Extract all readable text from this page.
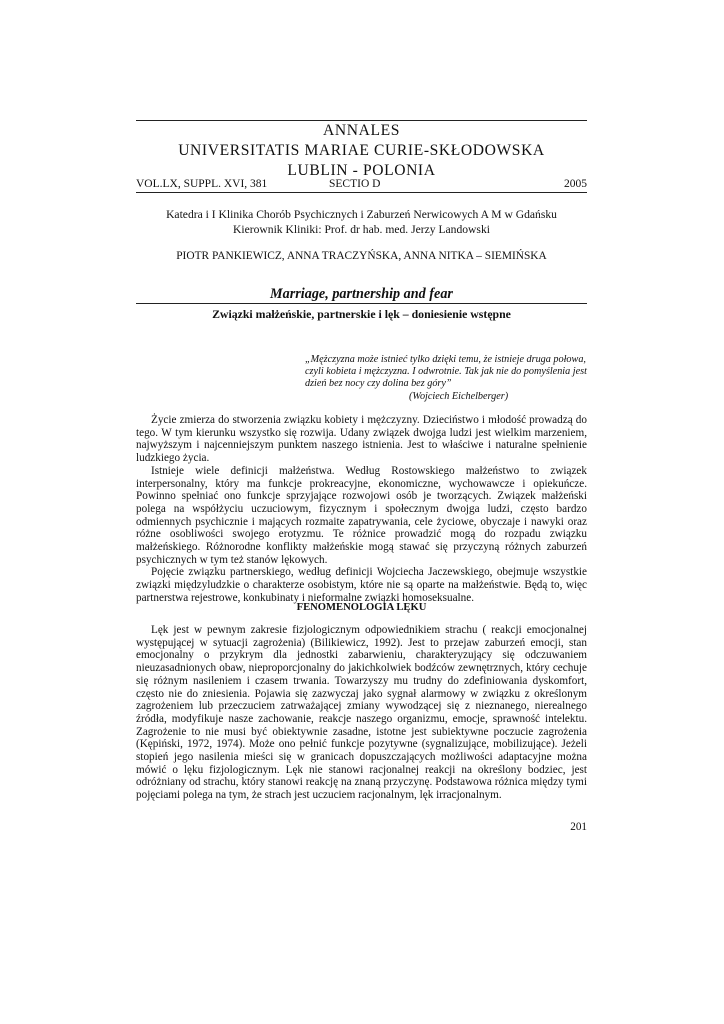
ANNALES
UNIVERSITATIS MARIAE CURIE-SKŁODOWSKA
LUBLIN - POLONIA
VOL.LX, SUPPL. XVI, 381	SECTIO D	2005
Katedra i I Klinika Chorób Psychicznych i Zaburzeń Nerwicowych A M w Gdańsku
Kierownik Kliniki: Prof. dr hab. med. Jerzy Landowski
PIOTR PANKIEWICZ, ANNA TRACZYŃSKA, ANNA NITKA – SIEMIŃSKA
Marriage, partnership and fear
Związki małżeńskie, partnerskie i lęk – doniesienie wstępne
„Mężczyzna może istnieć tylko dzięki temu, że istnieje druga połowa,
czyli kobieta i mężczyzna. I odwrotnie. Tak jak nie do pomyślenia jest
dzień bez nocy czy dolina bez góry”
(Wojciech Eichelberger)

Życie zmierza do stworzenia związku kobiety i mężczyzny. Dzieciństwo i młodość prowadzą do tego. W tym kierunku wszystko się rozwija. Udany związek dwojga ludzi jest wielkim marzeniem, najwyższym i najcenniejszym punktem naszego istnienia. Jest to właściwe i naturalne spełnienie ludzkiego życia.

Istnieje wiele definicji małżeństwa. Według Rostowskiego małżeństwo to związek interpersonalny, który ma funkcje prokreacyjne, ekonomiczne, wychowawcze i opiekuńcze. Powinno spełniać ono funkcje sprzyjające rozwojowi osób je tworzących. Związek małżeński polega na współżyciu uczuciowym, fizycznym i społecznym dwojga ludzi, często bardzo odmiennych psychicznie i mających rozmaite zapatrywania, cele życiowe, obyczaje i nawyki oraz różne osobliwości swojego erotyzmu. Te różnice prowadzić mogą do rozpadu związku małżeńskiego. Różnorodne konflikty małżeńskie mogą stawać się przyczyną różnych zaburzeń psychicznych w tym też stanów lękowych.

Pojęcie związku partnerskiego, według definicji Wojciecha Jaczewskiego, obejmuje wszystkie związki międzyludzkie o charakterze osobistym, które nie są oparte na małżeństwie. Będą to, więc partnerstwa rejestrowe, konkubinaty i nieformalne związki homoseksualne.

FENOMENOLOGIA LĘKU

Lęk jest w pewnym zakresie fizjologicznym odpowiednikiem strachu ( reakcji emocjonalnej występującej w sytuacji zagrożenia) (Bilikiewicz, 1992). Jest to przejaw zaburzeń emocji, stan emocjonalny o przykrym dla jednostki zabarwieniu, charakteryzujący się odczuwaniem nieuzasadnionych obaw, nieproporcjonalny do jakichkolwiek bodźców zewnętrznych, który cechuje się różnym nasileniem i czasem trwania. Towarzyszy mu trudny do zdefiniowania dyskomfort, często nie do zniesienia. Pojawia się zazwyczaj jako sygnał alarmowy w związku z określonym zagrożeniem lub przeczuciem zatrważającej zmiany wywodzącej się z nieznanego, nierealnego źródła, modyfikuje nasze zachowanie, reakcje naszego organizmu, emocje, sprawność intelektu. Zagrożenie to nie musi być obiektywnie zasadne, istotne jest subiektywne poczucie zagrożenia (Kępiński, 1972, 1974). Może ono pełnić funkcje pozytywne (sygnalizujące, mobilizujące). Jeżeli stopień jego nasilenia mieści się w granicach dopuszczających możliwości adaptacyjne można mówić o lęku fizjologicznym. Lęk nie stanowi racjonalnej reakcji na określony bodziec, jest odróżniany od strachu, który stanowi reakcję na znaną przyczynę. Podstawowa różnica między tymi pojęciami polega na tym, że strach jest uczuciem racjonalnym, lęk irracjonalnym.

201
